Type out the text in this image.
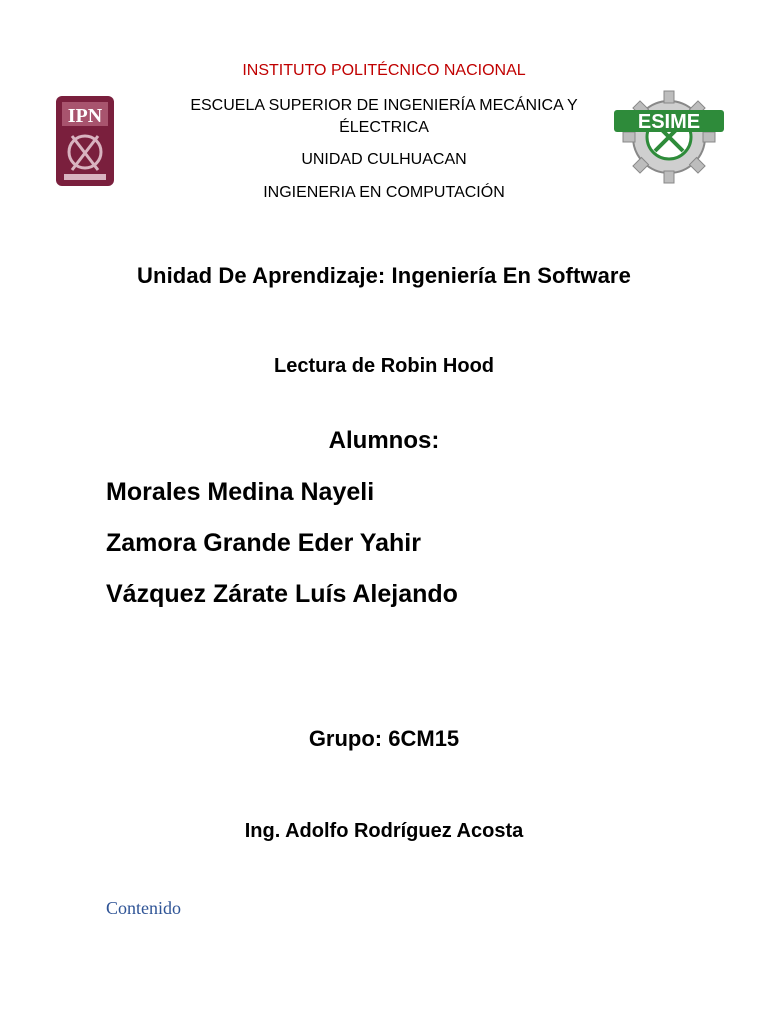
IPN	ESIME
INSTITUTO POLITÉCNICO NACIONAL
ESCUELA SUPERIOR DE INGENIERÍA MECÁNICA Y ÉLECTRICA
UNIDAD CULHUACAN
INGIENERIA EN COMPUTACIÓN
Unidad De Aprendizaje: Ingeniería En Software
Lectura de Robin Hood
Alumnos:
Morales Medina Nayeli
Zamora Grande Eder Yahir
Vázquez Zárate Luís Alejando
Grupo: 6CM15
Ing. Adolfo Rodríguez Acosta
Contenido
